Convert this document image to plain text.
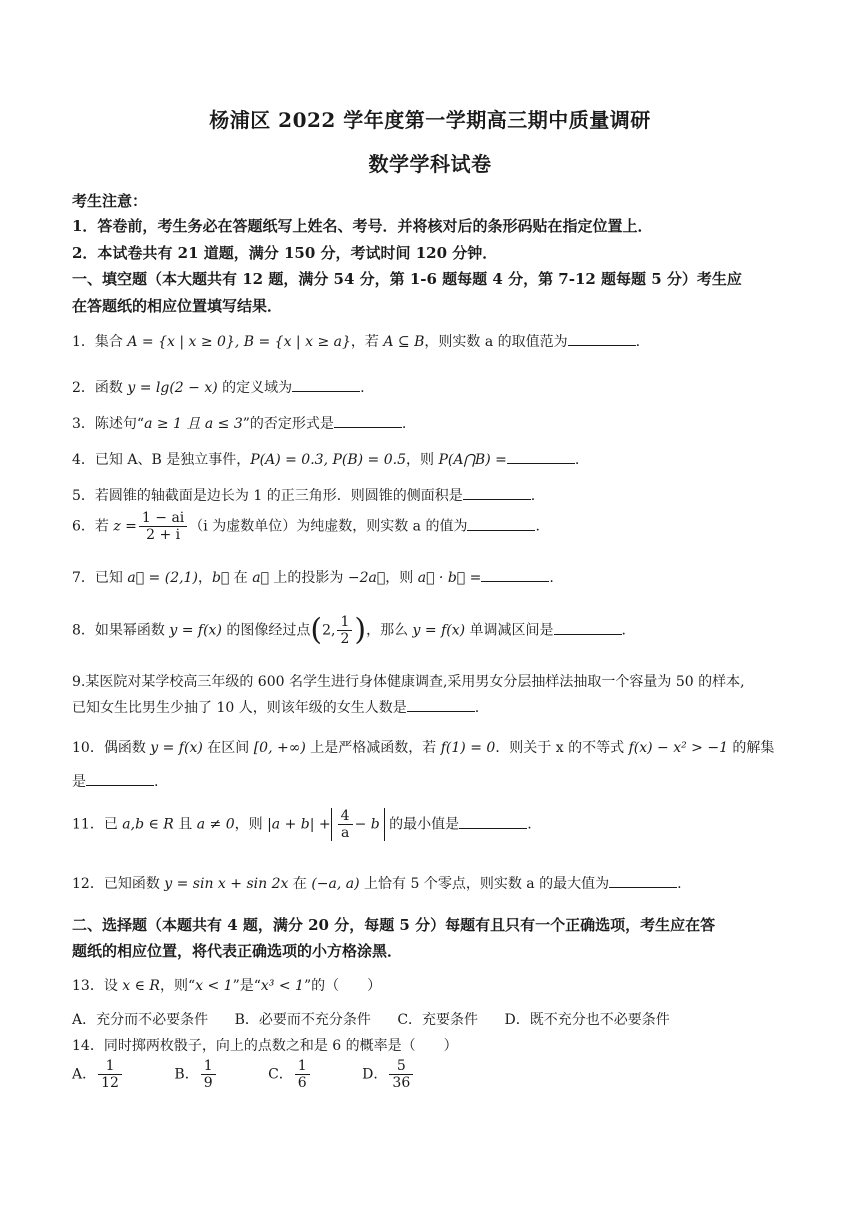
杨浦区 2022 学年度第一学期高三期中质量调研
数学学科试卷
考生注意：
1．答卷前，考生务必在答题纸写上姓名、考号．并将核对后的条形码贴在指定位置上．
2．本试卷共有 21 道题，满分 150 分，考试时间 120 分钟．
一、填空题（本大题共有 12 题，满分 54 分，第 1-6 题每题 4 分，第 7-12 题每题 5 分）考生应
在答题纸的相应位置填写结果．
1．集合 A = {x | x ≥ 0}, B = {x | x ≥ a}，若 A ⊆ B，则实数 a 的取值范为	.
2．函数 y = lg(2 − x) 的定义域为	.
3．陈述句“a ≥ 1 且 a ≤ 3”的否定形式是	.
4．已知 A、B 是独立事件，P(A) = 0.3, P(B) = 0.5，则 P(A⋂B) =	.
5．若圆锥的轴截面是边长为 1 的正三角形．则圆锥的侧面积是	.
6．若 $z = \frac{1 - ai}{2 + i} (i$ 为虚数单位）为纯虚数，则实数 a 的值为	.
7．已知 a⃗ = (2,1)，b⃗ 在 a⃗ 上的投影为 −2a⃗，则 a⃗ · b⃗ =	.
8．如果幂函数 y = f(x) 的图像经过点(2, $\frac{1}{2}$ )，那么 y = f(x) 单调减区间是	.
9.某医院对某学校高三年级的 600 名学生进行身体健康调查,采用男女分层抽样法抽取一个容量为 50 的样本,
已知女生比男生少抽了 10 人，则该年级的女生人数是	.
10．偶函数 y = f(x) 在区间 [0, +∞) 上是严格减函数，若 f(1) = 0．则关于 x 的不等式 f(x) − x² > −1 的解集
是	.
11．已 a,b ∈ R 且 a ≠ 0，则 $|a + b| + \frac{4}{a} - b$ 的最小值是	.
12．已知函数 y = sin x + sin 2x 在 (−a, a) 上恰有 5 个零点，则实数 a 的最大值为	.
二、选择题（本题共有 4 题，满分 20 分，每题 5 分）每题有且只有一个正确选项，考生应在答
题纸的相应位置，将代表正确选项的小方格涂黑．
13．设 x ∈ R，则“x < 1”是“x³ < 1”的（　　）
A．充分而不必要条件 B．必要而不充分条件 C．充要条件 D．既不充分也不必要条件
14．同时掷两枚骰子，向上的点数之和是 6 的概率是（　　）
A． $\frac{1}{12}$	B． $\frac{1}{9}$	C． $\frac{1}{6}$	D． $\frac{5}{36}$
